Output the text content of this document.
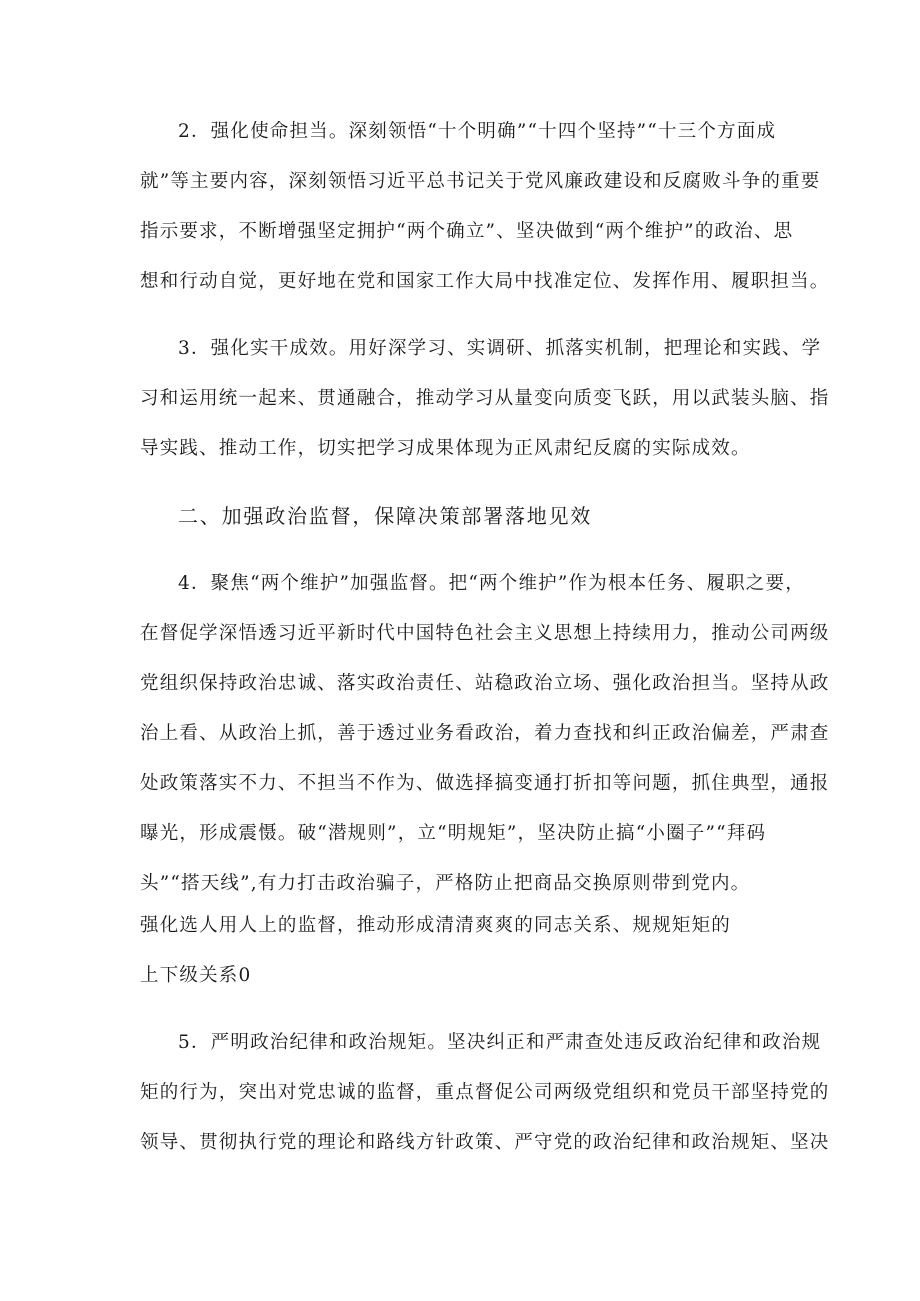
2．强化使命担当。深刻领悟“十个明确”“十四个坚持”“十三个方面成
就”等主要内容，深刻领悟习近平总书记关于党风廉政建设和反腐败斗争的重要
指示要求，不断增强坚定拥护“两个确立”、坚决做到“两个维护”的政治、思
想和行动自觉，更好地在党和国家工作大局中找准定位、发挥作用、履职担当。
3．强化实干成效。用好深学习、实调研、抓落实机制，把理论和实践、学
习和运用统一起来、贯通融合，推动学习从量变向质变飞跃，用以武装头脑、指
导实践、推动工作，切实把学习成果体现为正风肃纪反腐的实际成效。
二、加强政治监督，保障决策部署落地见效
4．聚焦“两个维护”加强监督。把“两个维护”作为根本任务、履职之要，
在督促学深悟透习近平新时代中国特色社会主义思想上持续用力，推动公司两级
党组织保持政治忠诚、落实政治责任、站稳政治立场、强化政治担当。坚持从政
治上看、从政治上抓，善于透过业务看政治，着力查找和纠正政治偏差，严肃查
处政策落实不力、不担当不作为、做选择搞变通打折扣等问题，抓住典型，通报
曝光，形成震慑。破“潜规则”，立“明规矩”，坚决防止搞“小圈子”“拜码
头”“搭天线”,有力打击政治骗子，严格防止把商品交换原则带到党内。
强化选人用人上的监督，推动形成清清爽爽的同志关系、规规矩矩的
上下级关系0
5．严明政治纪律和政治规矩。坚决纠正和严肃查处违反政治纪律和政治规
矩的行为，突出对党忠诚的监督，重点督促公司两级党组织和党员干部坚持党的
领导、贯彻执行党的理论和路线方针政策、严守党的政治纪律和政治规矩、坚决
